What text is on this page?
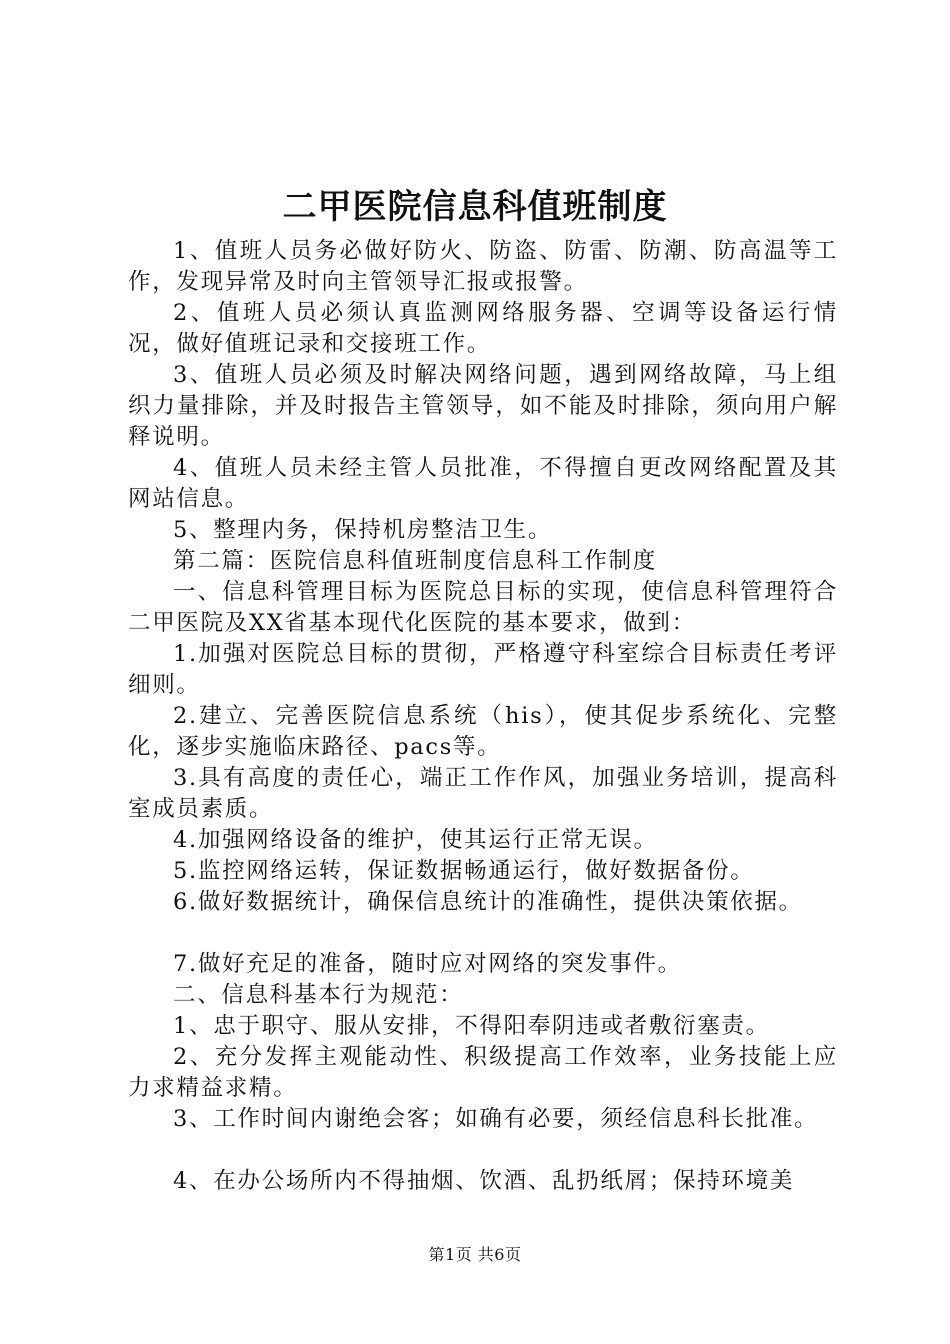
二甲医院信息科值班制度

1、值班人员务必做好防火、防盗、防雷、防潮、防高温等工作，发现异常及时向主管领导汇报或报警。

2、值班人员必须认真监测网络服务器、空调等设备运行情况，做好值班记录和交接班工作。

3、值班人员必须及时解决网络问题，遇到网络故障，马上组织力量排除，并及时报告主管领导，如不能及时排除，须向用户解释说明。

4、值班人员未经主管人员批准，不得擅自更改网络配置及其网站信息。

5、整理内务，保持机房整洁卫生。

第二篇：医院信息科值班制度信息科工作制度

一、信息科管理目标为医院总目标的实现，使信息科管理符合二甲医院及XX省基本现代化医院的基本要求，做到：

1.加强对医院总目标的贯彻，严格遵守科室综合目标责任考评细则。

2.建立、完善医院信息系统（his），使其促步系统化、完整化，逐步实施临床路径、pacs等。

3.具有高度的责任心，端正工作作风，加强业务培训，提高科室成员素质。

4.加强网络设备的维护，使其运行正常无误。

5.监控网络运转，保证数据畅通运行，做好数据备份。

6.做好数据统计，确保信息统计的准确性，提供决策依据。

7.做好充足的准备，随时应对网络的突发事件。

二、信息科基本行为规范：

1、忠于职守、服从安排，不得阳奉阴违或者敷衍塞责。

2、充分发挥主观能动性、积级提高工作效率，业务技能上应力求精益求精。

3、工作时间内谢绝会客；如确有必要，须经信息科长批准。

4、在办公场所内不得抽烟、饮酒、乱扔纸屑；保持环境美

第1页 共6页
